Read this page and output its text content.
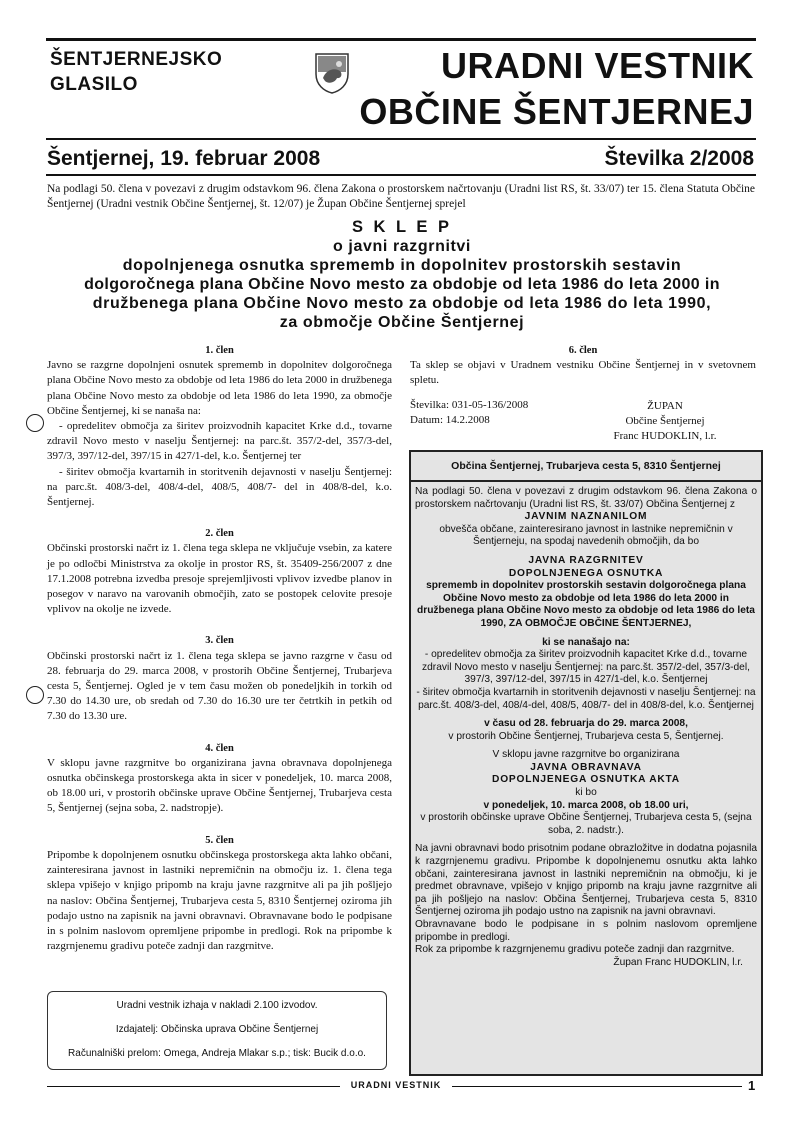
ŠENTJERNEJSKO
GLASILO	URADNI VESTNIK
OBČINE ŠENTJERNEJ
Šentjernej, 19. februar 2008	Številka 2/2008
Na podlagi 50. člena v povezavi z drugim odstavkom 96. člena Zakona o prostorskem načrtovanju (Uradni list RS, št. 33/07) ter 15. člena Statuta Občine Šentjernej (Uradni vestnik Občine Šentjernej, št. 12/07) je Župan Občine Šentjernej sprejel
S K L E P
o javni razgrnitvi
dopolnjenega osnutka sprememb in dopolnitev prostorskih sestavin
dolgoročnega plana Občine Novo mesto za obdobje od leta 1986 do leta 2000 in
družbenega plana Občine Novo mesto za obdobje od leta 1986 do leta 1990,
za območje Občine Šentjernej

1. člen

Javno se razgrne dopolnjeni osnutek sprememb in dopolnitev dolgoročnega plana Občine Novo mesto za obdobje od leta 1986 do leta 2000 in družbenega plana Občine Novo mesto za obdobje od leta 1986 do leta 1990, za območje Občine Šentjernej, ki se nanaša na:

- opredelitev območja za širitev proizvodnih kapacitet Krke d.d., tovarne zdravil Novo mesto v naselju Šentjernej: na parc.št. 357/2-del, 357/3-del, 397/3, 397/12-del, 397/15 in 427/1-del, k.o. Šentjernej ter

- širitev območja kvartarnih in storitvenih dejavnosti v naselju Šentjernej: na parc.št. 408/3-del, 408/4-del, 408/5, 408/7- del in 408/8-del, k.o. Šentjernej.

2. člen

Občinski prostorski načrt iz 1. člena tega sklepa ne vključuje vsebin, za katere je po odločbi Ministrstva za okolje in prostor RS, št. 35409-256/2007 z dne 17.1.2008 potrebna izvedba presoje sprejemljivosti vplivov izvedbe planov in posegov v naravo na varovanih območjih, zato se postopek celovite presoje vplivov na okolje ne izvede.

3. člen

Občinski prostorski načrt iz 1. člena tega sklepa se javno razgrne v času od 28. februarja do 29. marca 2008, v prostorih Občine Šentjernej, Trubarjeva cesta 5, Šentjernej. Ogled je v tem času možen ob ponedeljkih in torkih od 7.30 do 14.30 ure, ob sredah od 7.30 do 16.30 ure ter četrtkih in petkih od 7.30 do 13.30 ure.

4. člen

V sklopu javne razgrnitve bo organizirana javna obravnava dopolnjenega osnutka občinskega prostorskega akta in sicer v ponedeljek, 10. marca 2008, ob 18.00 uri, v prostorih občinske uprave Občine Šentjernej, Trubarjeva cesta 5, Šentjernej (sejna soba, 2. nadstropje).

5. člen

Pripombe k dopolnjenem osnutku občinskega prostorskega akta lahko občani, zainteresirana javnost in lastniki nepremičnin na območju iz. 1. člena tega sklepa vpišejo v knjigo pripomb na kraju javne razgrnitve ali pa jih pošljejo na naslov: Občina Šentjernej, Trubarjeva cesta 5, 8310 Šentjernej oziroma jih podajo ustno na zapisnik na javni obravnavi. Obravnavane bodo le podpisane in s polnim naslovom opremljene pripombe in predlogi. Rok na pripombe k razgrnjenemu gradivu poteče zadnji dan razgrnitve.

6. člen

Ta sklep se objavi v Uradnem vestniku Občine Šentjernej in v svetovnem spletu.

Številka: 031-05-136/2008
Datum: 14.2.2008
ŽUPAN
Občine Šentjernej
Franc HUDOKLIN, l.r.
Občina Šentjernej, Trubarjeva cesta 5, 8310 Šentjernej

Na podlagi 50. člena v povezavi z drugim odstavkom 96. člena Zakona o prostorskem načrtovanju (Uradni list RS, št. 33/07) Občina Šentjernej z

JAVNIM NAZNANILOM

obvešča občane, zainteresirano javnost in lastnike nepremičnin v Šentjerneju, na spodaj navedenih območjih, da bo

JAVNA RAZGRNITEV

DOPOLNJENEGA OSNUTKA

sprememb in dopolnitev prostorskih sestavin dolgoročnega plana Občine Novo mesto za obdobje od leta 1986 do leta 2000 in družbenega plana Občine Novo mesto za obdobje od leta 1986 do leta 1990, ZA OBMOČJE OBČINE ŠENTJERNEJ,

ki se nanašajo na:

- opredelitev območja za širitev proizvodnih kapacitet Krke d.d., tovarne zdravil Novo mesto v naselju Šentjernej: na parc.št. 357/2-del, 357/3-del, 397/3, 397/12-del, 397/15 in 427/1-del, k.o. Šentjernej

- širitev območja kvartarnih in storitvenih dejavnosti v naselju Šentjernej: na parc.št. 408/3-del, 408/4-del, 408/5, 408/7- del in 408/8-del, k.o. Šentjernej

v času od 28. februarja do 29. marca 2008,

v prostorih Občine Šentjernej, Trubarjeva cesta 5, Šentjernej.

V sklopu javne razgrnitve bo organizirana

JAVNA OBRAVNAVA

DOPOLNJENEGA OSNUTKA AKTA

ki bo

v ponedeljek, 10. marca 2008, ob 18.00 uri,

v prostorih občinske uprave Občine Šentjernej, Trubarjeva cesta 5, (sejna soba, 2. nadstr.).

Na javni obravnavi bodo prisotnim podane obrazložitve in dodatna pojasnila k razgrnjenemu gradivu. Pripombe k dopolnjenemu osnutku akta lahko občani, zainteresirana javnost in lastniki nepremičnin na območju, ki je predmet obravnave, vpišejo v knjigo pripomb na kraju javne razgrnitve ali pa jih pošljejo na naslov: Občina Šentjernej, Trubarjeva cesta 5, 8310 Šentjernej oziroma jih podajo ustno na zapisnik na javni obravnavi.

Obravnavane bodo le podpisane in s polnim naslovom opremljene pripombe in predlogi.

Rok za pripombe k razgrnjenemu gradivu poteče zadnji dan razgrnitve.

Župan Franc HUDOKLIN, l.r.

Uradni vestnik izhaja v nakladi 2.100 izvodov.
Izdajatelj: Občinska uprava Občine Šentjernej
Računalniški prelom: Omega, Andreja Mlakar s.p.; tisk: Bucik d.o.o.
URADNI VESTNIK	1
